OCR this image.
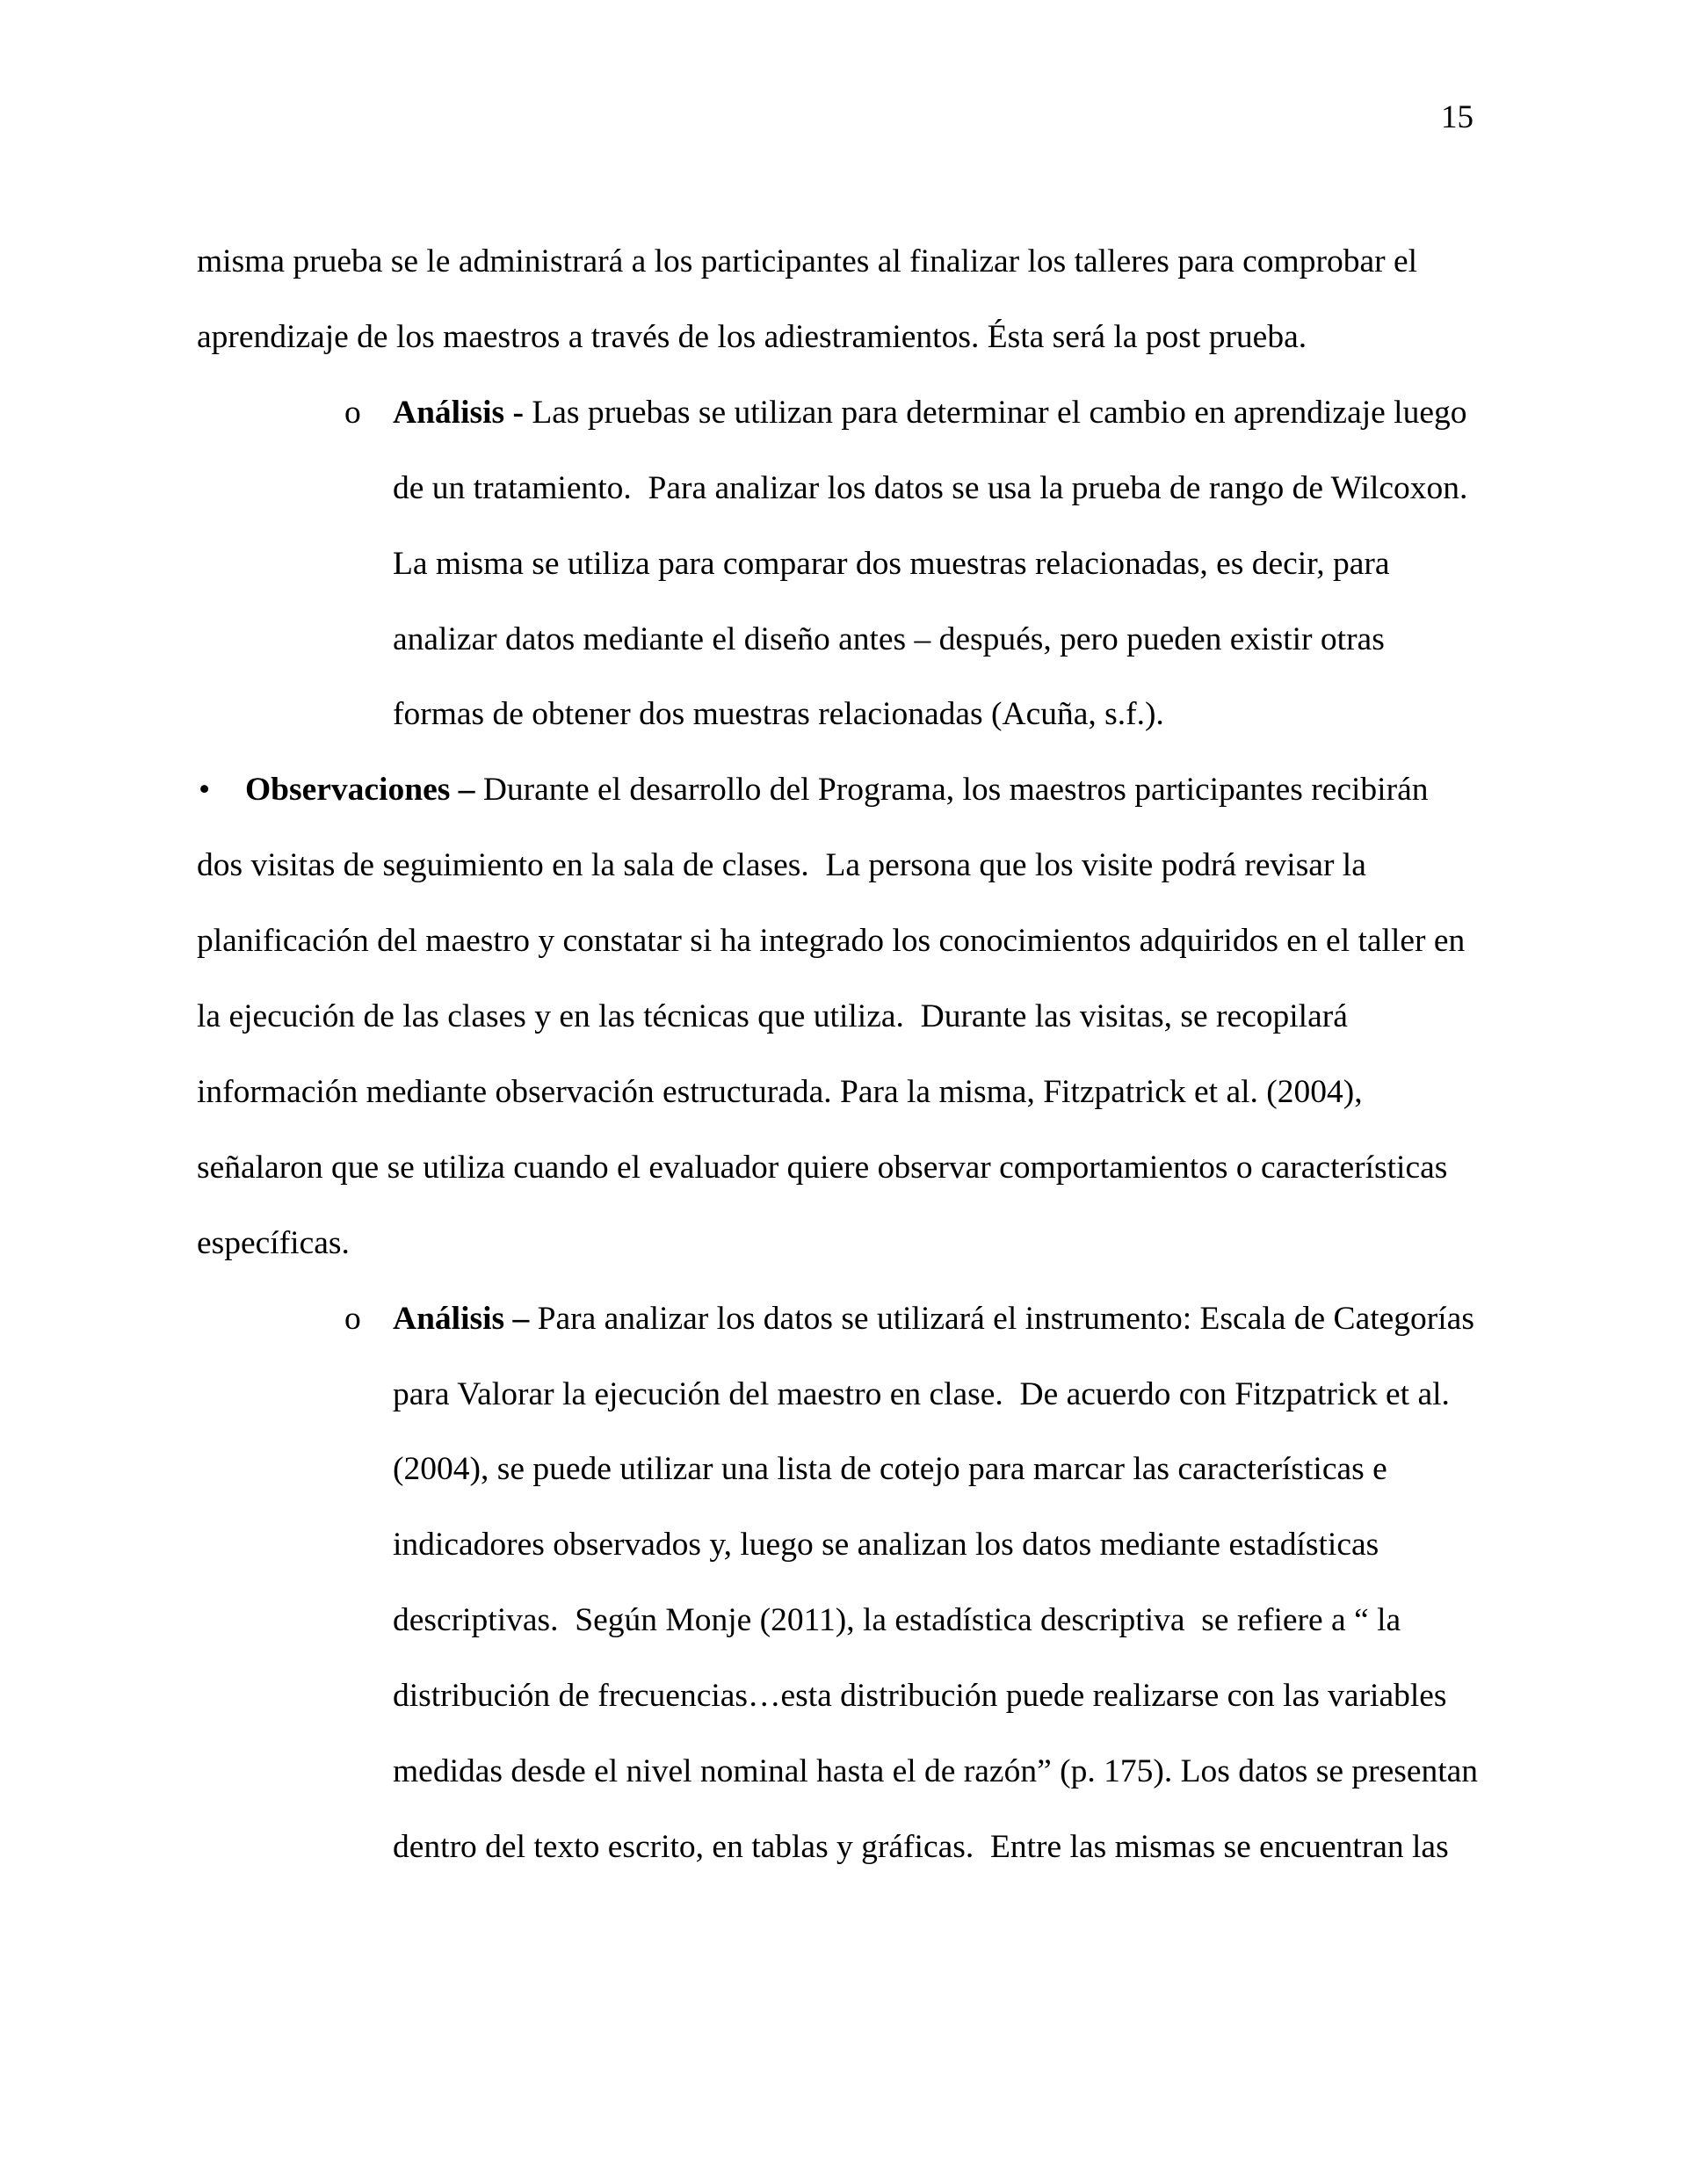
15
misma prueba se le administrará a los participantes al finalizar los talleres para comprobar el
aprendizaje de los maestros a través de los adiestramientos. Ésta será la post prueba.
o Análisis - Las pruebas se utilizan para determinar el cambio en aprendizaje luego
de un tratamiento.  Para analizar los datos se usa la prueba de rango de Wilcoxon.
La misma se utiliza para comparar dos muestras relacionadas, es decir, para
analizar datos mediante el diseño antes – después, pero pueden existir otras
formas de obtener dos muestras relacionadas (Acuña, s.f.).
• Observaciones – Durante el desarrollo del Programa, los maestros participantes recibirán
dos visitas de seguimiento en la sala de clases.  La persona que los visite podrá revisar la
planificación del maestro y constatar si ha integrado los conocimientos adquiridos en el taller en
la ejecución de las clases y en las técnicas que utiliza.  Durante las visitas, se recopilará
información mediante observación estructurada. Para la misma, Fitzpatrick et al. (2004),
señalaron que se utiliza cuando el evaluador quiere observar comportamientos o características
específicas.
o Análisis – Para analizar los datos se utilizará el instrumento: Escala de Categorías
para Valorar la ejecución del maestro en clase.  De acuerdo con Fitzpatrick et al.
(2004), se puede utilizar una lista de cotejo para marcar las características e
indicadores observados y, luego se analizan los datos mediante estadísticas
descriptivas.  Según Monje (2011), la estadística descriptiva  se refiere a “ la
distribución de frecuencias…esta distribución puede realizarse con las variables
medidas desde el nivel nominal hasta el de razón” (p. 175). Los datos se presentan
dentro del texto escrito, en tablas y gráficas.  Entre las mismas se encuentran las
